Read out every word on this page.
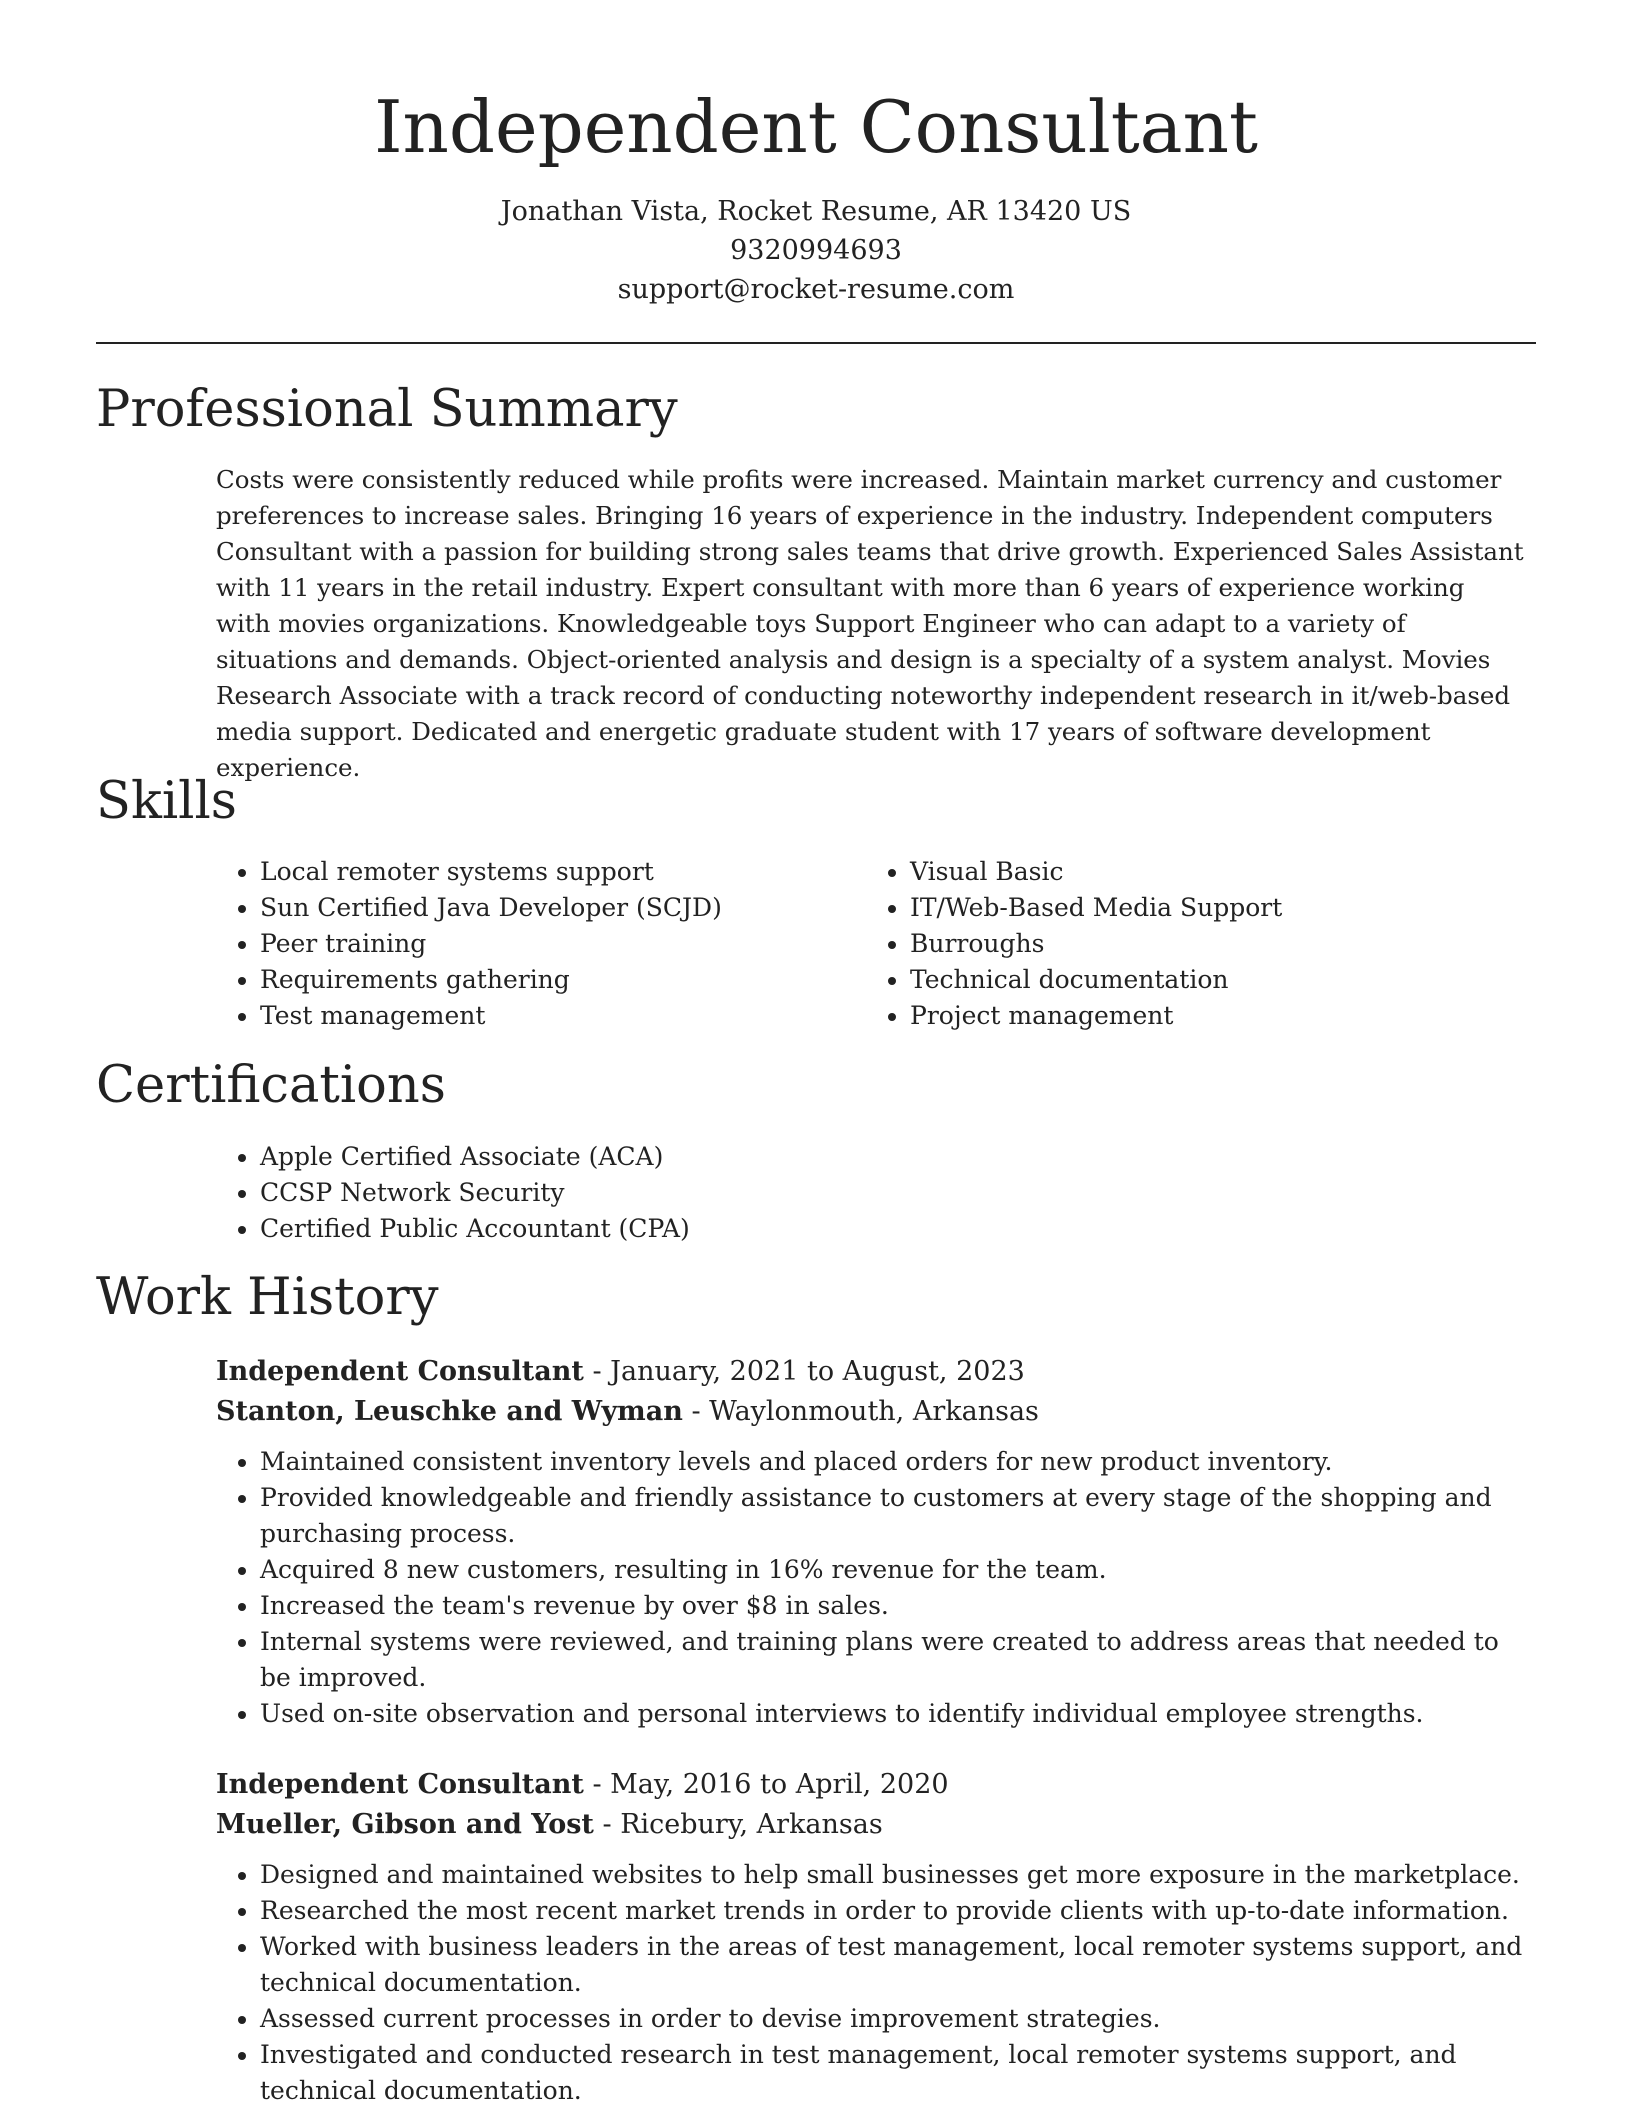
Independent Consultant
Jonathan Vista, Rocket Resume, AR 13420 US
9320994693
support@rocket-resume.com
Professional Summary

Costs were consistently reduced while profits were increased. Maintain market currency and customer preferences to increase sales. Bringing 16 years of experience in the industry. Independent computers Consultant with a passion for building strong sales teams that drive growth. Experienced Sales Assistant with 11 years in the retail industry. Expert consultant with more than 6 years of experience working with movies organizations. Knowledgeable toys Support Engineer who can adapt to a variety of situations and demands. Object-oriented analysis and design is a specialty of a system analyst. Movies Research Associate with a track record of conducting noteworthy independent research in it/web-based media support. Dedicated and energetic graduate student with 17 years of software development experience.

Skills
• Local remoter systems support
• Sun Certified Java Developer (SCJD)
• Peer training
• Requirements gathering
• Test management
• Visual Basic
• IT/Web-Based Media Support
• Burroughs
• Technical documentation
• Project management
Certifications
• Apple Certified Associate (ACA)
• CCSP Network Security
• Certified Public Accountant (CPA)
Work History

Independent Consultant - January, 2021 to August, 2023

Stanton, Leuschke and Wyman - Waylonmouth, Arkansas

• Maintained consistent inventory levels and placed orders for new product inventory.
• Provided knowledgeable and friendly assistance to customers at every stage of the shopping and purchasing process.
• Acquired 8 new customers, resulting in 16% revenue for the team.
• Increased the team's revenue by over $8 in sales.
• Internal systems were reviewed, and training plans were created to address areas that needed to be improved.
• Used on-site observation and personal interviews to identify individual employee strengths.

Independent Consultant - May, 2016 to April, 2020

Mueller, Gibson and Yost - Ricebury, Arkansas

• Designed and maintained websites to help small businesses get more exposure in the marketplace.
• Researched the most recent market trends in order to provide clients with up-to-date information.
• Worked with business leaders in the areas of test management, local remoter systems support, and technical documentation.
• Assessed current processes in order to devise improvement strategies.
• Investigated and conducted research in test management, local remoter systems support, and technical documentation.
